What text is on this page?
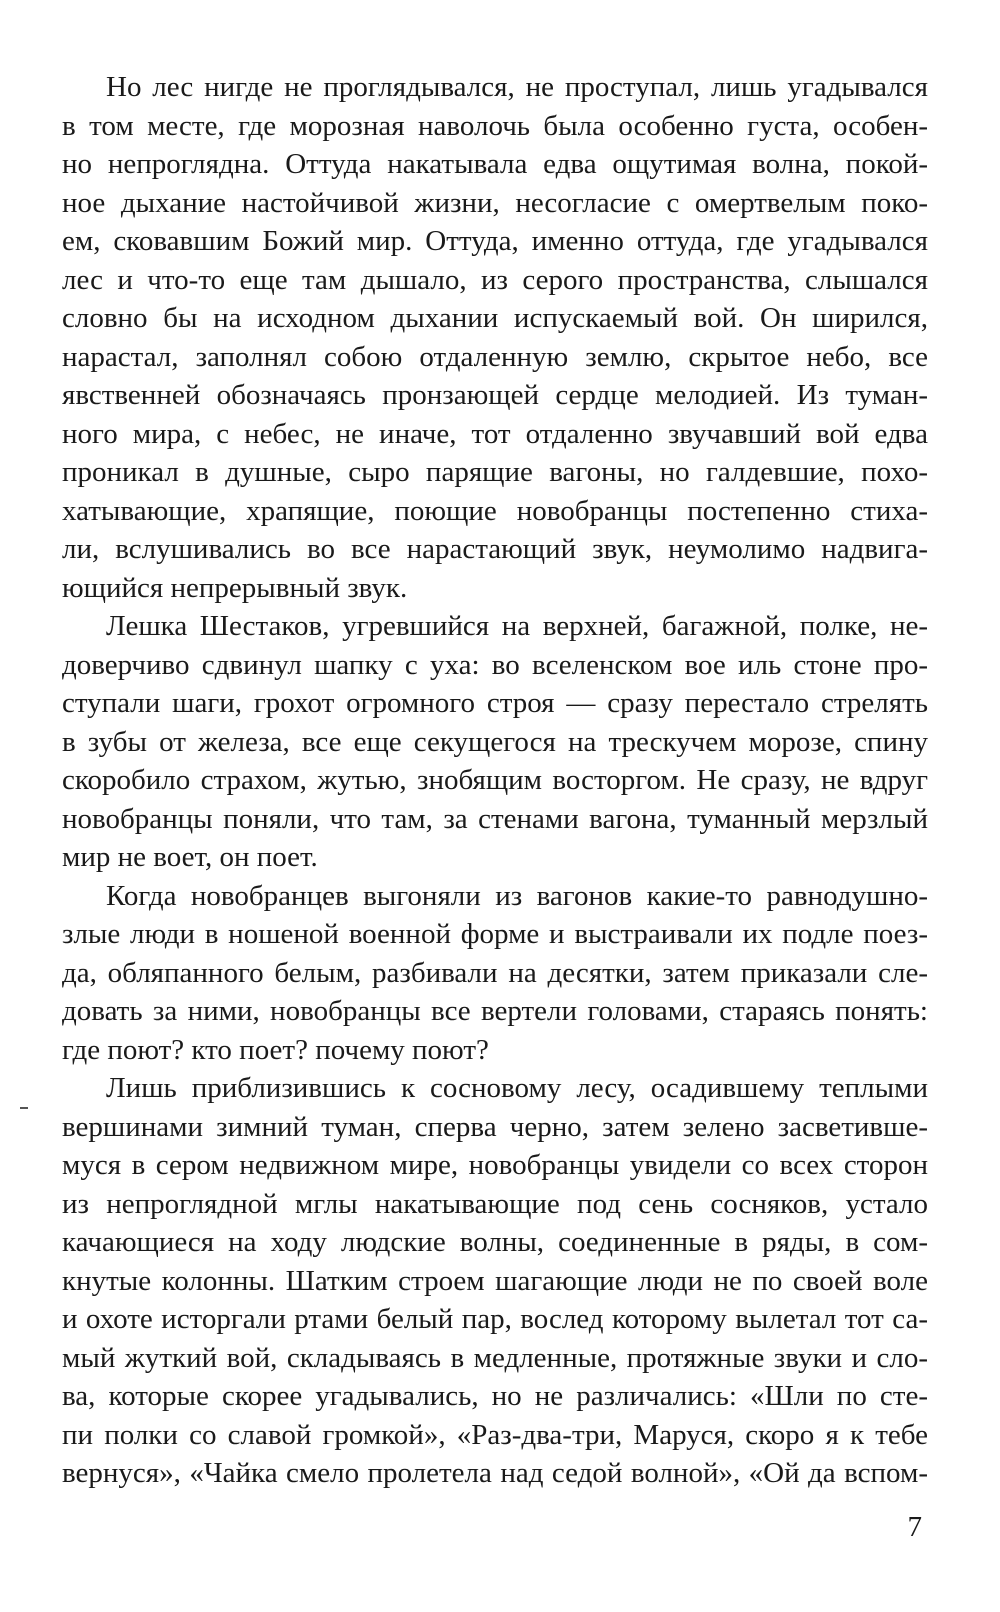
Но лес нигде не проглядывался, не проступал, лишь угадывался
в том месте, где морозная наволочь была особенно густа, особен-
но непроглядна. Оттуда накатывала едва ощутимая волна, покой-
ное дыхание настойчивой жизни, несогласие с омертвелым поко-
ем, сковавшим Божий мир. Оттуда, именно оттуда, где угадывался
лес и что-то еще там дышало, из серого пространства, слышался
словно бы на исходном дыхании испускаемый вой. Он ширился,
нарастал, заполнял собою отдаленную землю, скрытое небо, все
явственней обозначаясь пронзающей сердце мелодией. Из туман-
ного мира, с небес, не иначе, тот отдаленно звучавший вой едва
проникал в душные, сыро парящие вагоны, но галдевшие, похо-
хатывающие, храпящие, поющие новобранцы постепенно стиха-
ли, вслушивались во все нарастающий звук, неумолимо надвига-
ющийся непрерывный звук.
Лешка Шестаков, угревшийся на верхней, багажной, полке, не-
доверчиво сдвинул шапку с уха: во вселенском вое иль стоне про-
ступали шаги, грохот огромного строя — сразу перестало стрелять
в зубы от железа, все еще секущегося на трескучем морозе, спину
скоробило страхом, жутью, знобящим восторгом. Не сразу, не вдруг
новобранцы поняли, что там, за стенами вагона, туманный мерзлый
мир не воет, он поет.
Когда новобранцев выгоняли из вагонов какие-то равнодушно-
злые люди в ношеной военной форме и выстраивали их подле поез-
да, обляпанного белым, разбивали на десятки, затем приказали сле-
довать за ними, новобранцы все вертели головами, стараясь понять:
где поют? кто поет? почему поют?
Лишь приблизившись к сосновому лесу, осадившему теплыми
вершинами зимний туман, сперва черно, затем зелено засветивше-
муся в сером недвижном мире, новобранцы увидели со всех сторон
из непроглядной мглы накатывающие под сень сосняков, устало
качающиеся на ходу людские волны, соединенные в ряды, в сом-
кнутые колонны. Шатким строем шагающие люди не по своей воле
и охоте исторгали ртами белый пар, вослед которому вылетал тот са-
мый жуткий вой, складываясь в медленные, протяжные звуки и сло-
ва, которые скорее угадывались, но не различались: «Шли по сте-
пи полки со славой громкой», «Раз-два-три, Маруся, скоро я к тебе
вернуся», «Чайка смело пролетела над седой волной», «Ой да вспом-
7
